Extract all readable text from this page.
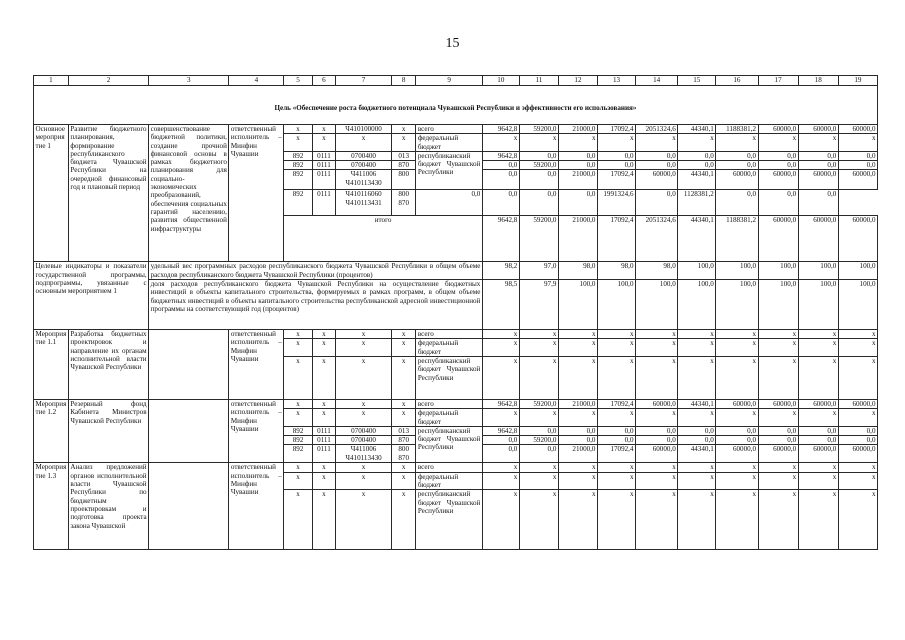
15
1	2	3	4	5	6	7	8	9	10	11	12	13	14	15	16	17	18	19
Цель «Обеспечение роста бюджетного потенциала Чувашской Республики и эффективности его использования»																		
Основное мероприятие 1	Развитие бюджетного планирования, формирование республиканского бюджета Чувашской Республики на очередной финансовый год и плановый период	совершенствование бюджетной политики, создание прочной финансовой основы в рамках бюджетного планирования для социально-экономических преобразований, обеспечения социальных гарантий населению, развития общественной инфраструктуры	ответственный исполнитель – Минфин Чувашии	х	х	Ч410100000	х	всего	9642,8	59200,0	21000,0	17092,4	2051324,6	44340,1	1188381,2	60000,0	60000,0	60000,0
				х	х	х	х	федеральный бюджет	х	х	х	х	х	х	х	х	х	х
				892	0111	0700400	013	республиканский бюджет Чувашской Республики	9642,8	0,0	0,0	0,0	0,0	0,0	0,0	0,0	0,0	0,0
				892	0111	0700400	870		0,0	59200,0	0,0	0,0	0,0	0,0	0,0	0,0	0,0	0,0
				892	0111	Ч411006 Ч410113430	800		0,0	0,0	21000,0	17092,4	60000,0	44340,1	60000,0	60000,0	60000,0	60000,0
				892	0111	Ч410116060 Ч410113431	800 870	0,0	0,0	0,0	0,0	1991324,6	0,0	1128381,2	0,0	0,0	0,0	
				итого					9642,8	59200,0	21000,0	17092,4	2051324,6	44340,1	1188381,2	60000,0	60000,0	60000,0
Целевые индикаторы и показатели государственной программы, подпрограммы, увязанные с основным мероприятием 1		удельный вес программных расходов республиканского бюджета Чувашской Республики в общем объеме расходов республиканского бюджета Чувашской Республики (процентов)							98,2	97,0	98,0	98,0	98,0	100,0	100,0	100,0	100,0	100,0
		доля расходов республиканского бюджета Чувашской Республики на осуществление бюджетных инвестиций в объекты капитального строительства, формируемых в рамках программ, в общем объеме бюджетных инвестиций в объекты капитального строительства республиканской адресной инвестиционной программы на соответствующий год (процентов)							98,5	97,9	100,0	100,0	100,0	100,0	100,0	100,0	100,0	100,0
Мероприятие 1.1	Разработка бюджетных проектировок и направление их органам исполнительной власти Чувашской Республики		ответственный исполнитель – Минфин Чувашии	х	х	х	х	всего	х	х	х	х	х	х	х	х	х	х
				х	х	х	х	федеральный бюджет	х	х	х	х	х	х	х	х	х	х
				х	х	х	х	республиканский бюджет Чувашской Республики	х	х	х	х	х	х	х	х	х	х
Мероприятие 1.2	Резервный фонд Кабинета Министров Чувашской Республики		ответственный исполнитель – Минфин Чувашии	х	х	х	х	всего	9642,8	59200,0	21000,0	17092,4	60000,0	44340,1	60000,0	60000,0	60000,0	60000,0
				х	х	х	х	федеральный бюджет	х	х	х	х	х	х	х	х	х	х
				892	0111	0700400	013	республиканский бюджет Чувашской Республики	9642,8	0,0	0,0	0,0	0,0	0,0	0,0	0,0	0,0	0,0
				892	0111	0700400	870		0,0	59200,0	0,0	0,0	0,0	0,0	0,0	0,0	0,0	0,0
				892	0111	Ч411006 Ч410113430	800 870		0,0	0,0	21000,0	17092,4	60000,0	44340,1	60000,0	60000,0	60000,0	60000,0
Мероприятие 1.3	Анализ предложений органов исполнительной власти Чувашской Республики по бюджетным проектировкам и подготовка проекта закона Чувашской		ответственный исполнитель – Минфин Чувашии	х	х	х	х	всего	х	х	х	х	х	х	х	х	х	х
				х	х	х	х	федеральный бюджет	х	х	х	х	х	х	х	х	х	х
				х	х	х	х	республиканский бюджет Чувашской Республики	х	х	х	х	х	х	х	х	х	х
